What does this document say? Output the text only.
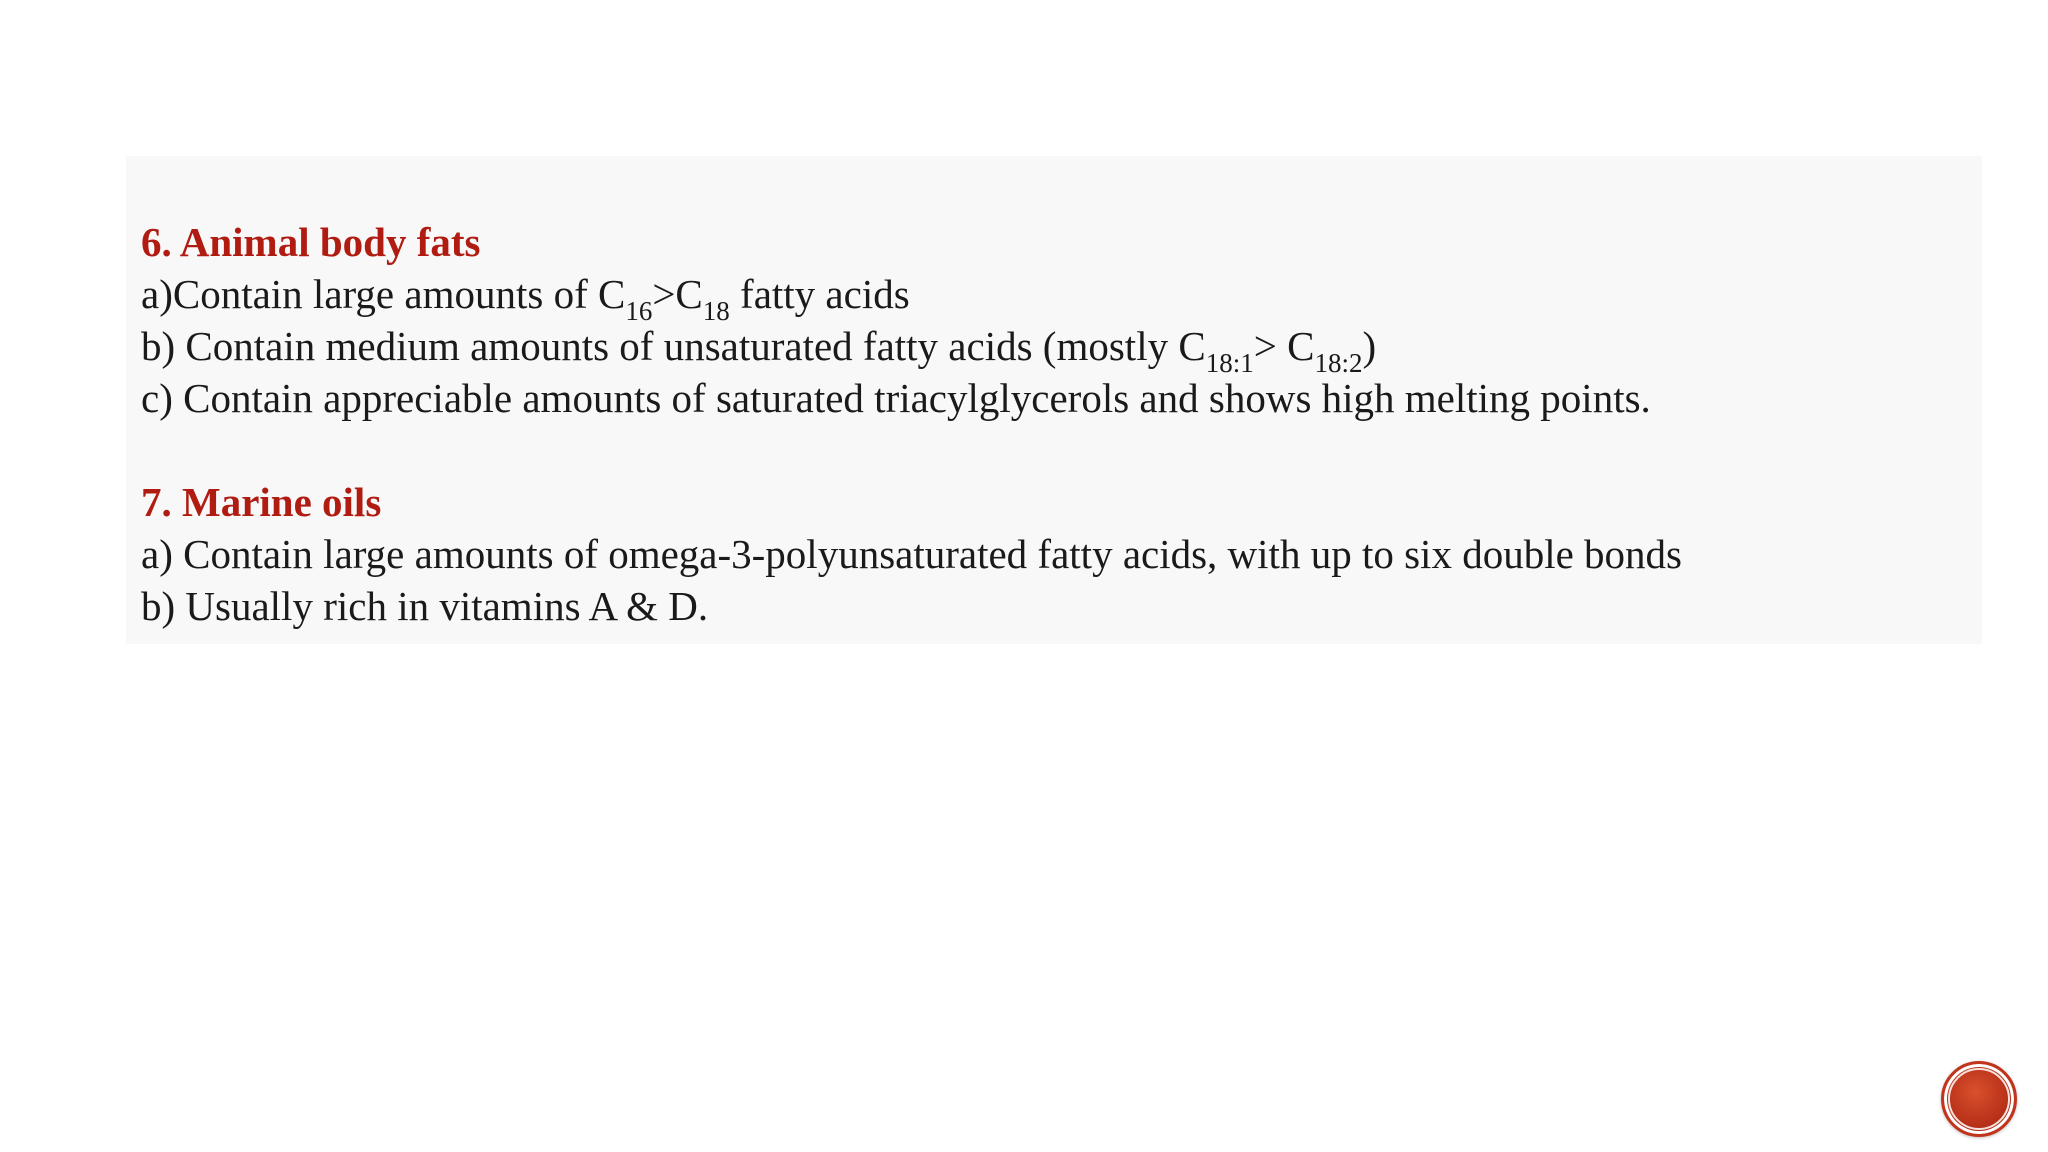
6. Animal body fats
a)Contain large amounts of $C_{16}>C_{18}$ fatty acids
b) Contain medium amounts of unsaturated fatty acids (mostly $C_{18:1}> C_{18:2}$)
c) Contain appreciable amounts of saturated triacylglycerols and shows high melting points.
7. Marine oils
a) Contain large amounts of omega-3-polyunsaturated fatty acids, with up to six double bonds
b) Usually rich in vitamins A & D.
